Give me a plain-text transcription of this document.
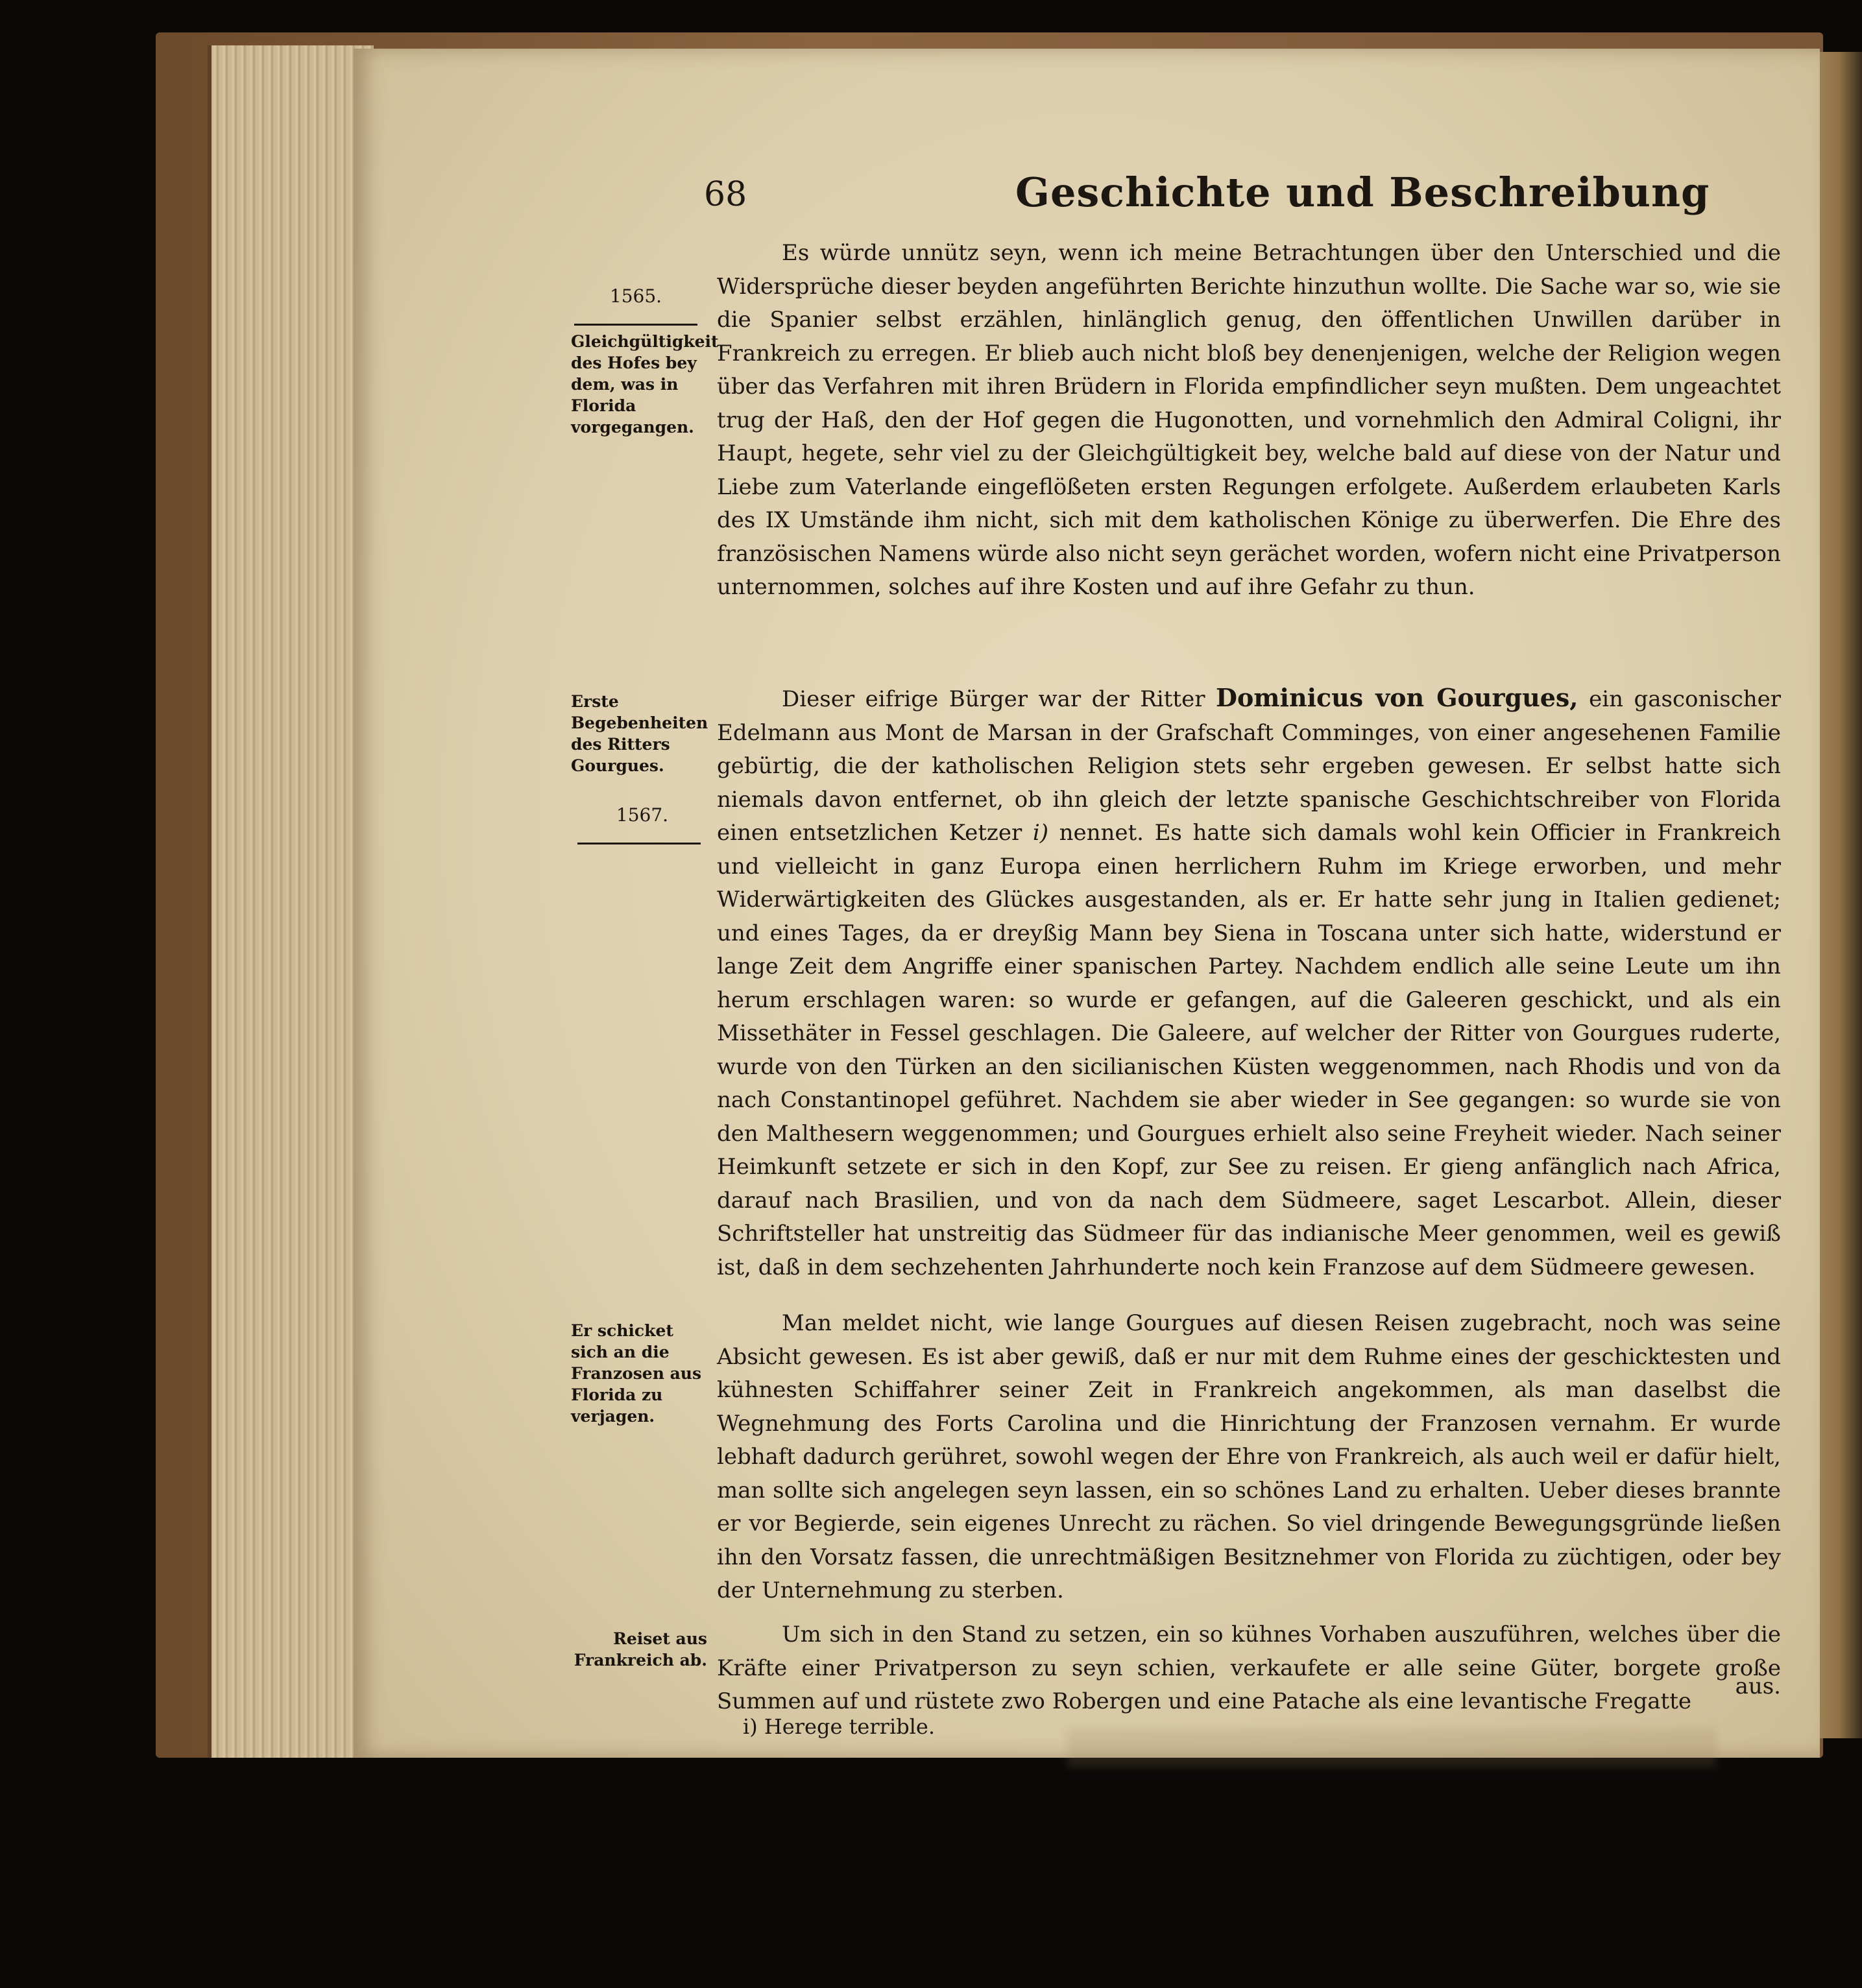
68	Geschichte und Beschreibung
1565.
Gleichgültigkeit des Hofes bey dem, was in Florida vorgegangen.
Erste Begebenheiten des Ritters Gourgues.
1567.
Er schicket sich an die Franzosen aus Florida zu verjagen.
Reiset aus Frankreich ab.

Es würde unnütz seyn, wenn ich meine Betrachtungen über den Unterschied und die Widersprüche dieser beyden angeführten Berichte hinzuthun wollte. Die Sache war so, wie sie die Spanier selbst erzählen, hinlänglich genug, den öffentlichen Unwillen darüber in Frankreich zu erregen. Er blieb auch nicht bloß bey denenjenigen, welche der Religion wegen über das Verfahren mit ihren Brüdern in Florida empfindlicher seyn mußten. Dem ungeachtet trug der Haß, den der Hof gegen die Hugonotten, und vornehmlich den Admiral Coligni, ihr Haupt, hegete, sehr viel zu der Gleichgültigkeit bey, welche bald auf diese von der Natur und Liebe zum Vaterlande eingeflößeten ersten Regungen erfolgete. Außerdem erlaubeten Karls des IX Umstände ihm nicht, sich mit dem katholischen Könige zu überwerfen. Die Ehre des französischen Namens würde also nicht seyn gerächet worden, wofern nicht eine Privatperson unternommen, solches auf ihre Kosten und auf ihre Gefahr zu thun.

Dieser eifrige Bürger war der Ritter Dominicus von Gourgues, ein gasconischer Edelmann aus Mont de Marsan in der Grafschaft Comminges, von einer angesehenen Familie gebürtig, die der katholischen Religion stets sehr ergeben gewesen. Er selbst hatte sich niemals davon entfernet, ob ihn gleich der letzte spanische Geschichtschreiber von Florida einen entsetzlichen Ketzer i) nennet. Es hatte sich damals wohl kein Officier in Frankreich und vielleicht in ganz Europa einen herrlichern Ruhm im Kriege erworben, und mehr Widerwärtigkeiten des Glückes ausgestanden, als er. Er hatte sehr jung in Italien gedienet; und eines Tages, da er dreyßig Mann bey Siena in Toscana unter sich hatte, widerstund er lange Zeit dem Angriffe einer spanischen Partey. Nachdem endlich alle seine Leute um ihn herum erschlagen waren: so wurde er gefangen, auf die Galeeren geschickt, und als ein Missethäter in Fessel geschlagen. Die Galeere, auf welcher der Ritter von Gourgues ruderte, wurde von den Türken an den sicilianischen Küsten weggenommen, nach Rhodis und von da nach Constantinopel geführet. Nachdem sie aber wieder in See gegangen: so wurde sie von den Malthesern weggenommen; und Gourgues erhielt also seine Freyheit wieder. Nach seiner Heimkunft setzete er sich in den Kopf, zur See zu reisen. Er gieng anfänglich nach Africa, darauf nach Brasilien, und von da nach dem Südmeere, saget Lescarbot. Allein, dieser Schriftsteller hat unstreitig das Südmeer für das indianische Meer genommen, weil es gewiß ist, daß in dem sechzehenten Jahrhunderte noch kein Franzose auf dem Südmeere gewesen.

Man meldet nicht, wie lange Gourgues auf diesen Reisen zugebracht, noch was seine Absicht gewesen. Es ist aber gewiß, daß er nur mit dem Ruhme eines der geschicktesten und kühnesten Schiffahrer seiner Zeit in Frankreich angekommen, als man daselbst die Wegnehmung des Forts Carolina und die Hinrichtung der Franzosen vernahm. Er wurde lebhaft dadurch gerühret, sowohl wegen der Ehre von Frankreich, als auch weil er dafür hielt, man sollte sich angelegen seyn lassen, ein so schönes Land zu erhalten. Ueber dieses brannte er vor Begierde, sein eigenes Unrecht zu rächen. So viel dringende Bewegungsgründe ließen ihn den Vorsatz fassen, die unrechtmäßigen Besitznehmer von Florida zu züchtigen, oder bey der Unternehmung zu sterben.

Um sich in den Stand zu setzen, ein so kühnes Vorhaben auszuführen, welches über die Kräfte einer Privatperson zu seyn schien, verkaufete er alle seine Güter, borgete große Summen auf und rüstete zwo Robergen und eine Patache als eine levantische Fregatte

aus.
i) Herege terrible.
